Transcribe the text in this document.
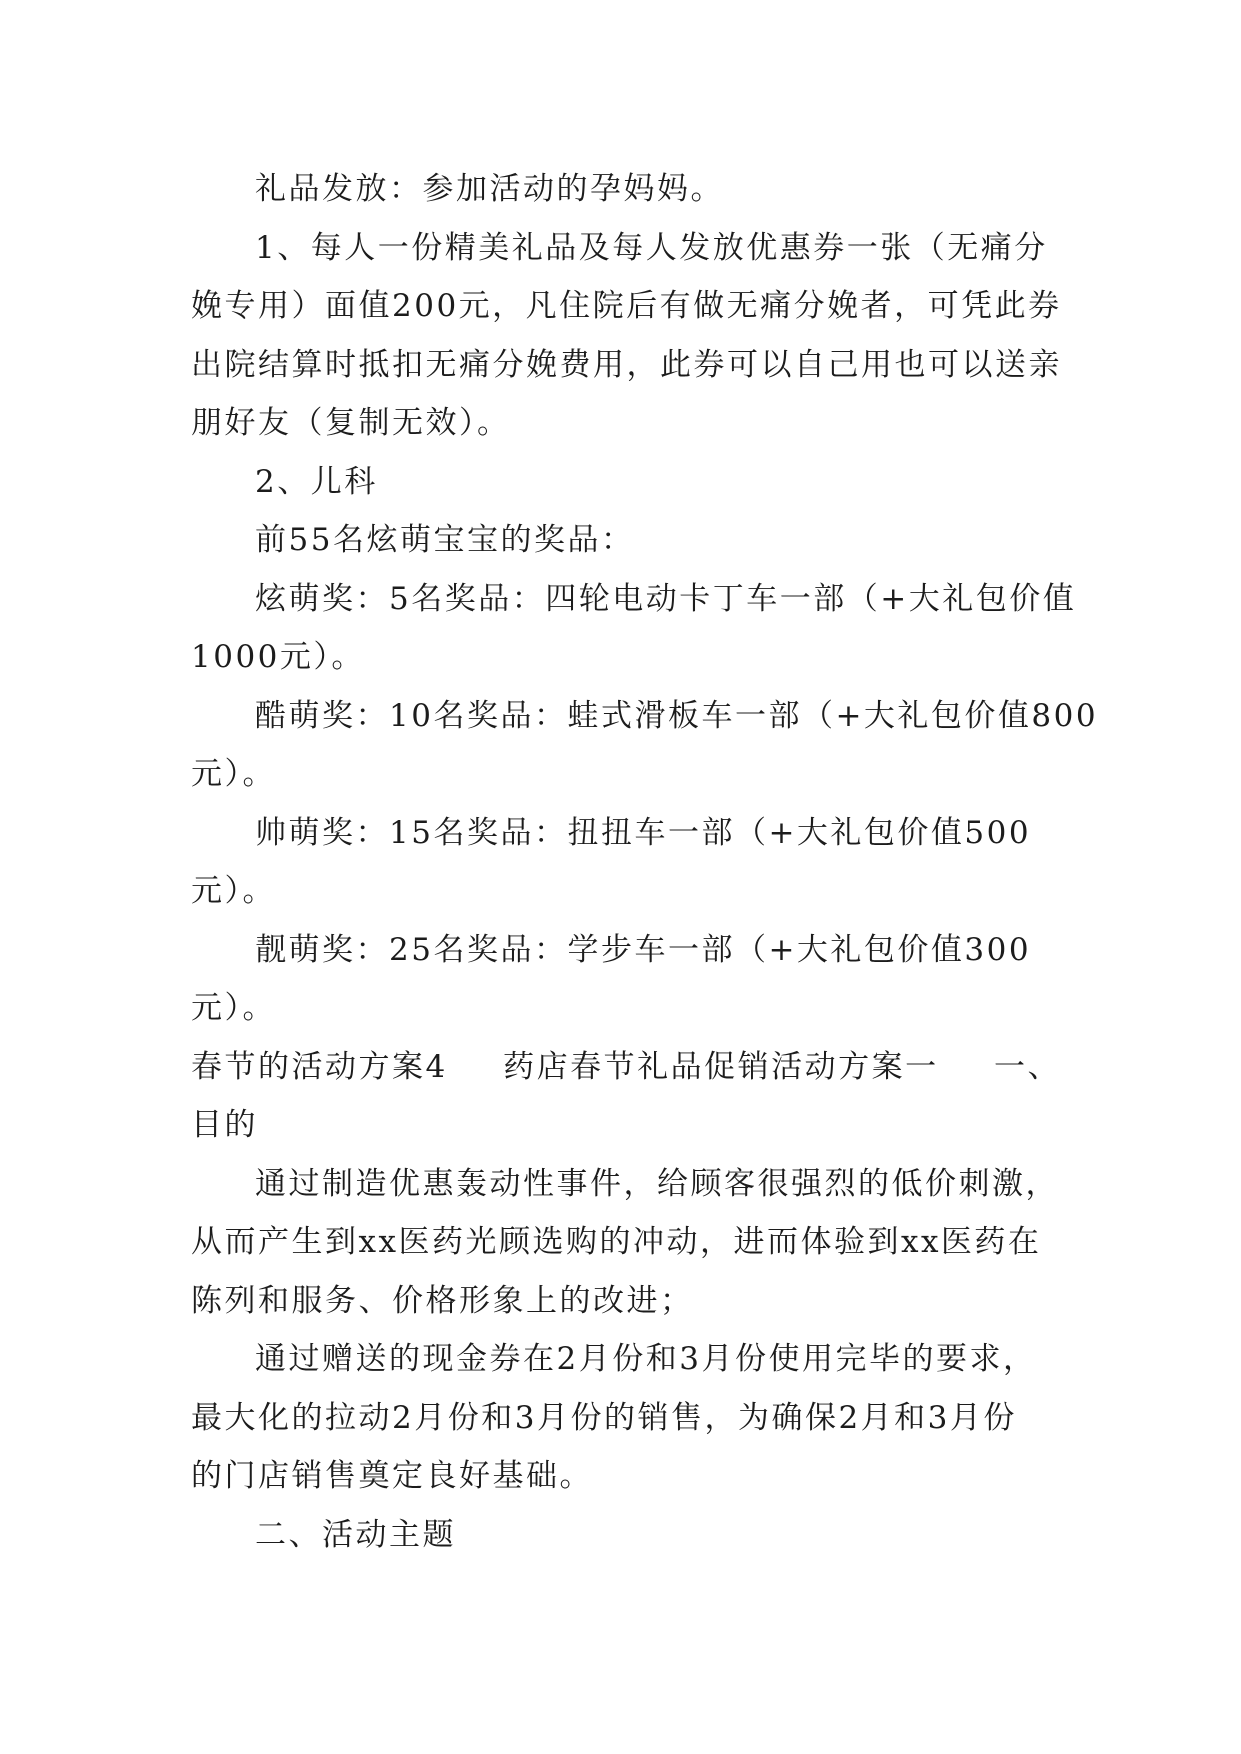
礼品发放：参加活动的孕妈妈。
1、每人一份精美礼品及每人发放优惠券一张（无痛分
娩专用）面值200元，凡住院后有做无痛分娩者，可凭此券
出院结算时抵扣无痛分娩费用，此券可以自己用也可以送亲
朋好友（复制无效）。
2、儿科
前55名炫萌宝宝的奖品：
炫萌奖：5名奖品：四轮电动卡丁车一部（+大礼包价值
1000元）。
酷萌奖：10名奖品：蛙式滑板车一部（+大礼包价值800
元）。
帅萌奖：15名奖品：扭扭车一部（+大礼包价值500
元）。
靓萌奖：25名奖品：学步车一部（+大礼包价值300
元）。
春节的活动方案4 药店春节礼品促销活动方案一 一、
目的
通过制造优惠轰动性事件，给顾客很强烈的低价刺激，
从而产生到xx医药光顾选购的冲动，进而体验到xx医药在
陈列和服务、价格形象上的改进；
通过赠送的现金券在2月份和3月份使用完毕的要求，
最大化的拉动2月份和3月份的销售，为确保2月和3月份
的门店销售奠定良好基础。
二、活动主题
